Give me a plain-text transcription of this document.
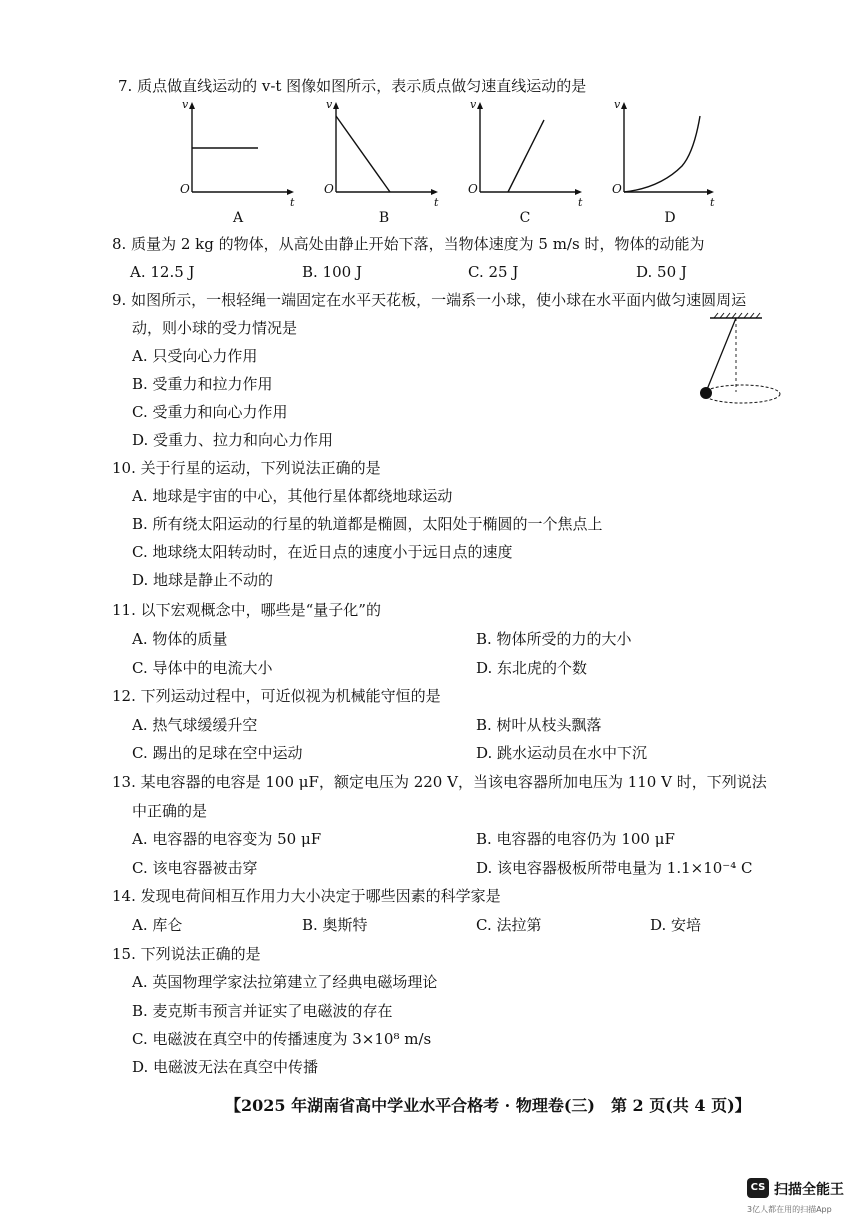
7. 质点做直线运动的 v-t 图像如图所示，表示质点做匀速直线运动的是
v
O
t
A
v
O
t
B
v
O
t
C
v
O
t
D
8. 质量为 2 kg 的物体，从高处由静止开始下落，当物体速度为 5 m/s 时，物体的动能为
A. 12.5 J	B. 100 J	C. 25 J	D. 50 J
9. 如图所示，一根轻绳一端固定在水平天花板，一端系一小球，使小球在水平面内做匀速圆周运
动，则小球的受力情况是
A. 只受向心力作用
B. 受重力和拉力作用
C. 受重力和向心力作用
D. 受重力、拉力和向心力作用
10. 关于行星的运动，下列说法正确的是
A. 地球是宇宙的中心，其他行星体都绕地球运动
B. 所有绕太阳运动的行星的轨道都是椭圆，太阳处于椭圆的一个焦点上
C. 地球绕太阳转动时，在近日点的速度小于远日点的速度
D. 地球是静止不动的
11. 以下宏观概念中，哪些是“量子化”的
A. 物体的质量	B. 物体所受的力的大小
C. 导体中的电流大小	D. 东北虎的个数
12. 下列运动过程中，可近似视为机械能守恒的是
A. 热气球缓缓升空	B. 树叶从枝头飘落
C. 踢出的足球在空中运动	D. 跳水运动员在水中下沉
13. 某电容器的电容是 100 μF，额定电压为 220 V，当该电容器所加电压为 110 V 时，下列说法
中正确的是
A. 电容器的电容变为 50 μF	B. 电容器的电容仍为 100 μF
C. 该电容器被击穿	D. 该电容器极板所带电量为 1.1×10⁻⁴ C
14. 发现电荷间相互作用力大小决定于哪些因素的科学家是
A. 库仑	B. 奥斯特	C. 法拉第	D. 安培
15. 下列说法正确的是
A. 英国物理学家法拉第建立了经典电磁场理论
B. 麦克斯韦预言并证实了电磁波的存在
C. 电磁波在真空中的传播速度为 3×10⁸ m/s
D. 电磁波无法在真空中传播
【2025 年湖南省高中学业水平合格考 · 物理卷(三)　第 2 页(共 4 页)】
CS 扫描全能王
3亿人都在用的扫描App
